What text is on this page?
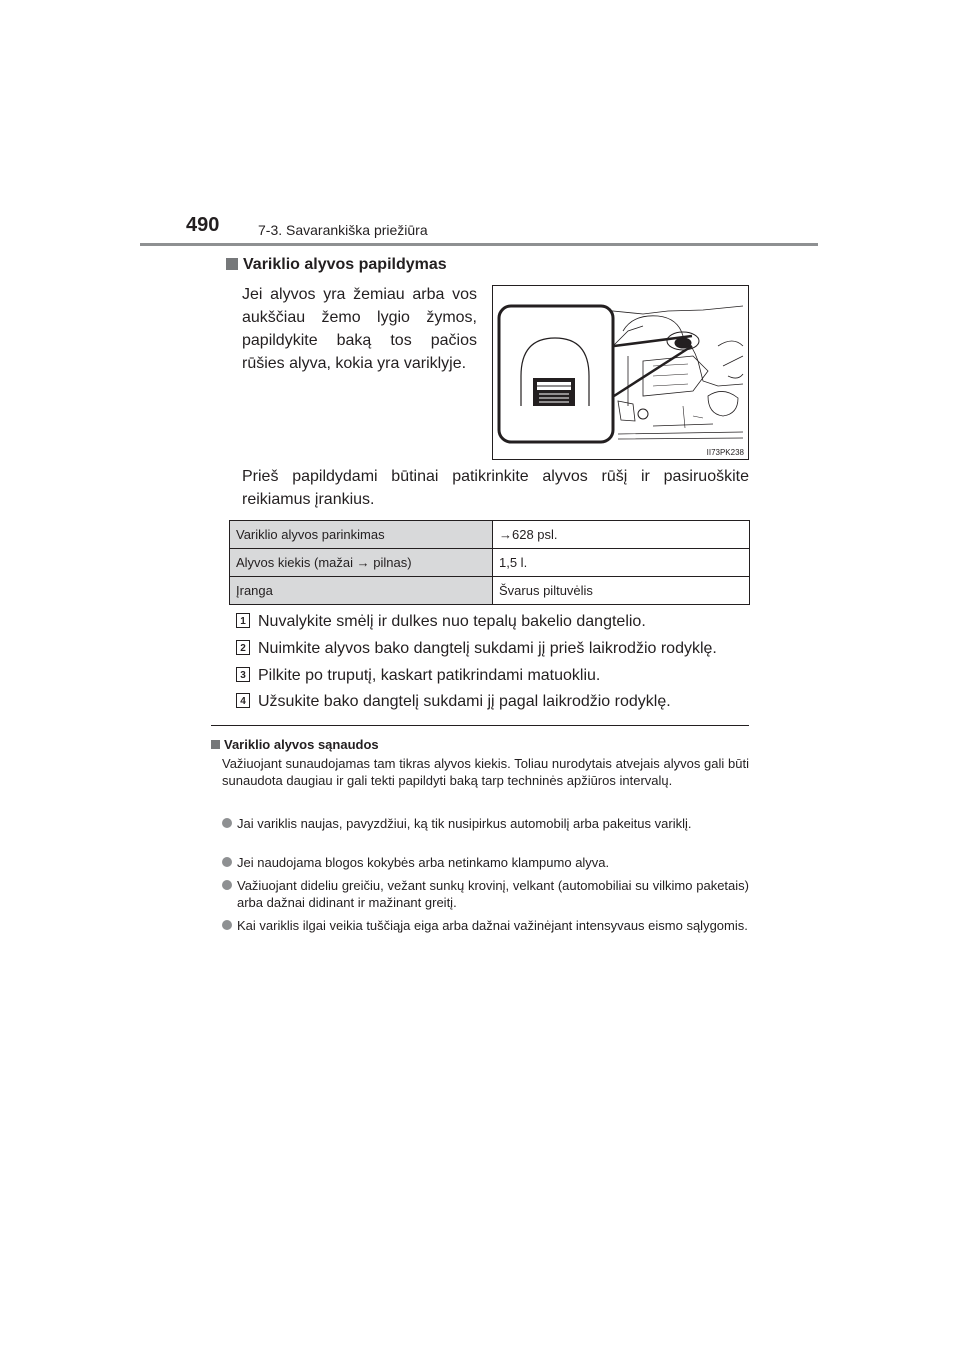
490	7-3. Savarankiška priežiūra
Variklio alyvos papildymas
Jei alyvos yra žemiau arba vos aukščiau žemo lygio žymos, papildykite baką tos pačios rūšies alyva, kokia yra variklyje.
II73PK238
Prieš papildydami būtinai patikrinkite alyvos rūšį ir pasiruoškite reikiamus įrankius.
Variklio alyvos parinkimas	→628 psl.
Alyvos kiekis (mažai → pilnas)	1,5 l.
Įranga	Švarus piltuvėlis
1 Nuvalykite smėlį ir dulkes nuo tepalų bakelio dangtelio.
2 Nuimkite alyvos bako dangtelį sukdami jį prieš laikrodžio rodyklę.
3 Pilkite po truputį, kaskart patikrindami matuokliu.
4 Užsukite bako dangtelį sukdami jį pagal laikrodžio rodyklę.
Variklio alyvos sąnaudos
Važiuojant sunaudojamas tam tikras alyvos kiekis. Toliau nurodytais atvejais alyvos gali būti sunaudota daugiau ir gali tekti papildyti baką tarp techninės apžiūros intervalų.
Jai variklis naujas, pavyzdžiui, ką tik nusipirkus automobilį arba pakeitus variklį.
Jei naudojama blogos kokybės arba netinkamo klampumo alyva.
Važiuojant dideliu greičiu, vežant sunkų krovinį, velkant (automobiliai su vilkimo paketais) arba dažnai didinant ir mažinant greitį.
Kai variklis ilgai veikia tuščiąja eiga arba dažnai važinėjant intensyvaus eismo sąlygomis.
